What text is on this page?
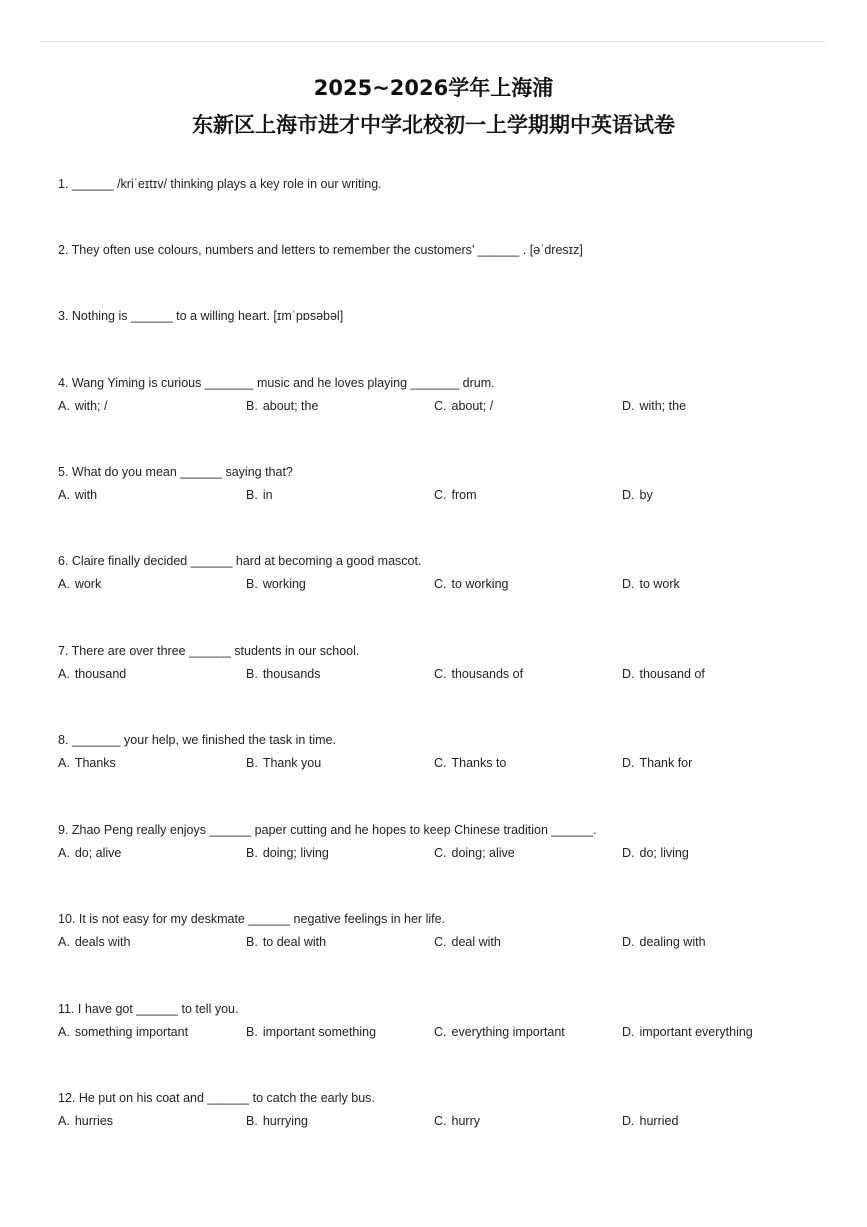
2025~2026学年上海浦
东新区上海市进才中学北校初一上学期期中英语试卷
1. ______ /kriˈeɪtɪv/ thinking plays a key role in our writing.
2. They often use colours, numbers and letters to remember the customers’ ______ . [əˈdresɪz]
3. Nothing is ______ to a willing heart. [ɪmˈpɒsəbəl]
4. Wang Yiming is curious _______ music and he loves playing _______ drum.
A. with; /	B. about; the	C. about; /	D. with; the
5. What do you mean ______ saying that?
A. with	B. in	C. from	D. by
6. Claire finally decided ______ hard at becoming a good mascot.
A. work	B. working	C. to working	D. to work
7. There are over three ______ students in our school.
A. thousand	B. thousands	C. thousands of	D. thousand of
8. _______ your help, we finished the task in time.
A. Thanks	B. Thank you	C. Thanks to	D. Thank for
9. Zhao Peng really enjoys ______ paper cutting and he hopes to keep Chinese tradition ______.
A. do; alive	B. doing; living	C. doing; alive	D. do; living
10. It is not easy for my deskmate ______ negative feelings in her life.
A. deals with	B. to deal with	C. deal with	D. dealing with
11. I have got ______ to tell you.
A. something important	B. important something	C. everything important	D. important everything
12. He put on his coat and ______ to catch the early bus.
A. hurries	B. hurrying	C. hurry	D. hurried
